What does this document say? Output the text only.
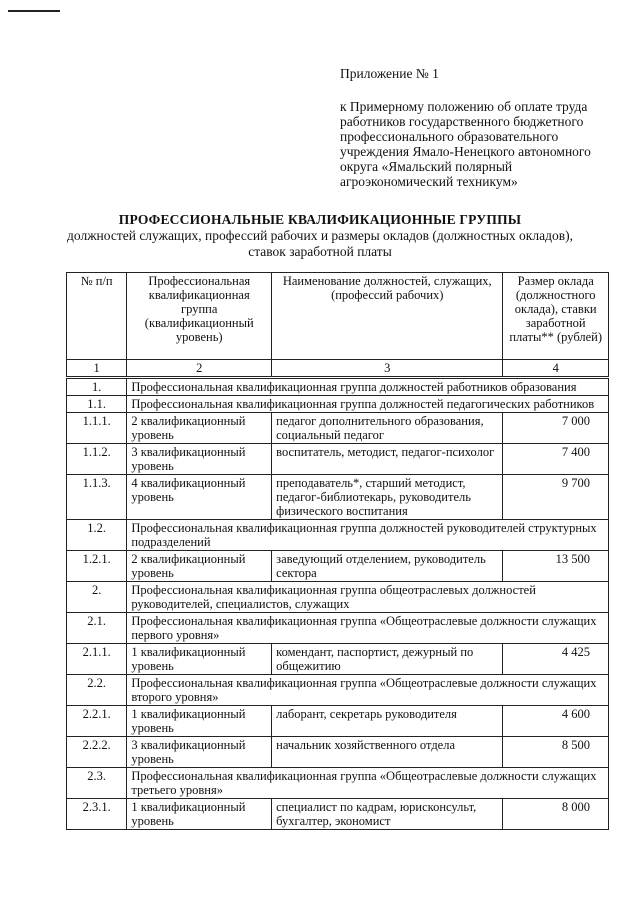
Приложение № 1
к Примерному положению об оплате труда
работников государственного бюджетного
профессионального образовательного
учреждения Ямало-Ненецкого автономного
округа «Ямальский полярный
агроэкономический техникум»
ПРОФЕССИОНАЛЬНЫЕ КВАЛИФИКАЦИОННЫЕ ГРУППЫ
должностей служащих, профессий рабочих и размеры окладов (должностных окладов),
ставок заработной платы
№ п/п	Профессиональная квалификационная группа (квалификационный уровень)	Наименование должностей, служащих, (профессий рабочих)	Размер оклада (должностного оклада), ставки заработной платы** (рублей)
1	2	3	4
1.	Профессиональная квалификационная группа должностей работников образования		
1.1.	Профессиональная квалификационная группа должностей педагогических работников		
1.1.1.	2 квалификационный уровень	педагог дополнительного образования, социальный педагог	7 000
1.1.2.	3 квалификационный уровень	воспитатель, методист, педагог-психолог	7 400
1.1.3.	4 квалификационный уровень	преподаватель*, старший методист, педагог-библиотекарь, руководитель физического воспитания	9 700
1.2.	Профессиональная квалификационная группа должностей руководителей структурных подразделений		
1.2.1.	2 квалификационный уровень	заведующий отделением, руководитель сектора	13 500
2.	Профессиональная квалификационная группа общеотраслевых должностей руководителей, специалистов, служащих		
2.1.	Профессиональная квалификационная группа «Общеотраслевые должности служащих первого уровня»		
2.1.1.	1 квалификационный уровень	комендант, паспортист, дежурный по общежитию	4 425
2.2.	Профессиональная квалификационная группа «Общеотраслевые должности служащих второго уровня»		
2.2.1.	1 квалификационный уровень	лаборант, секретарь руководителя	4 600
2.2.2.	3 квалификационный уровень	начальник хозяйственного отдела	8 500
2.3.	Профессиональная квалификационная группа «Общеотраслевые должности служащих третьего уровня»		
2.3.1.	1 квалификационный уровень	специалист по кадрам, юрисконсульт, бухгалтер, экономист	8 000
